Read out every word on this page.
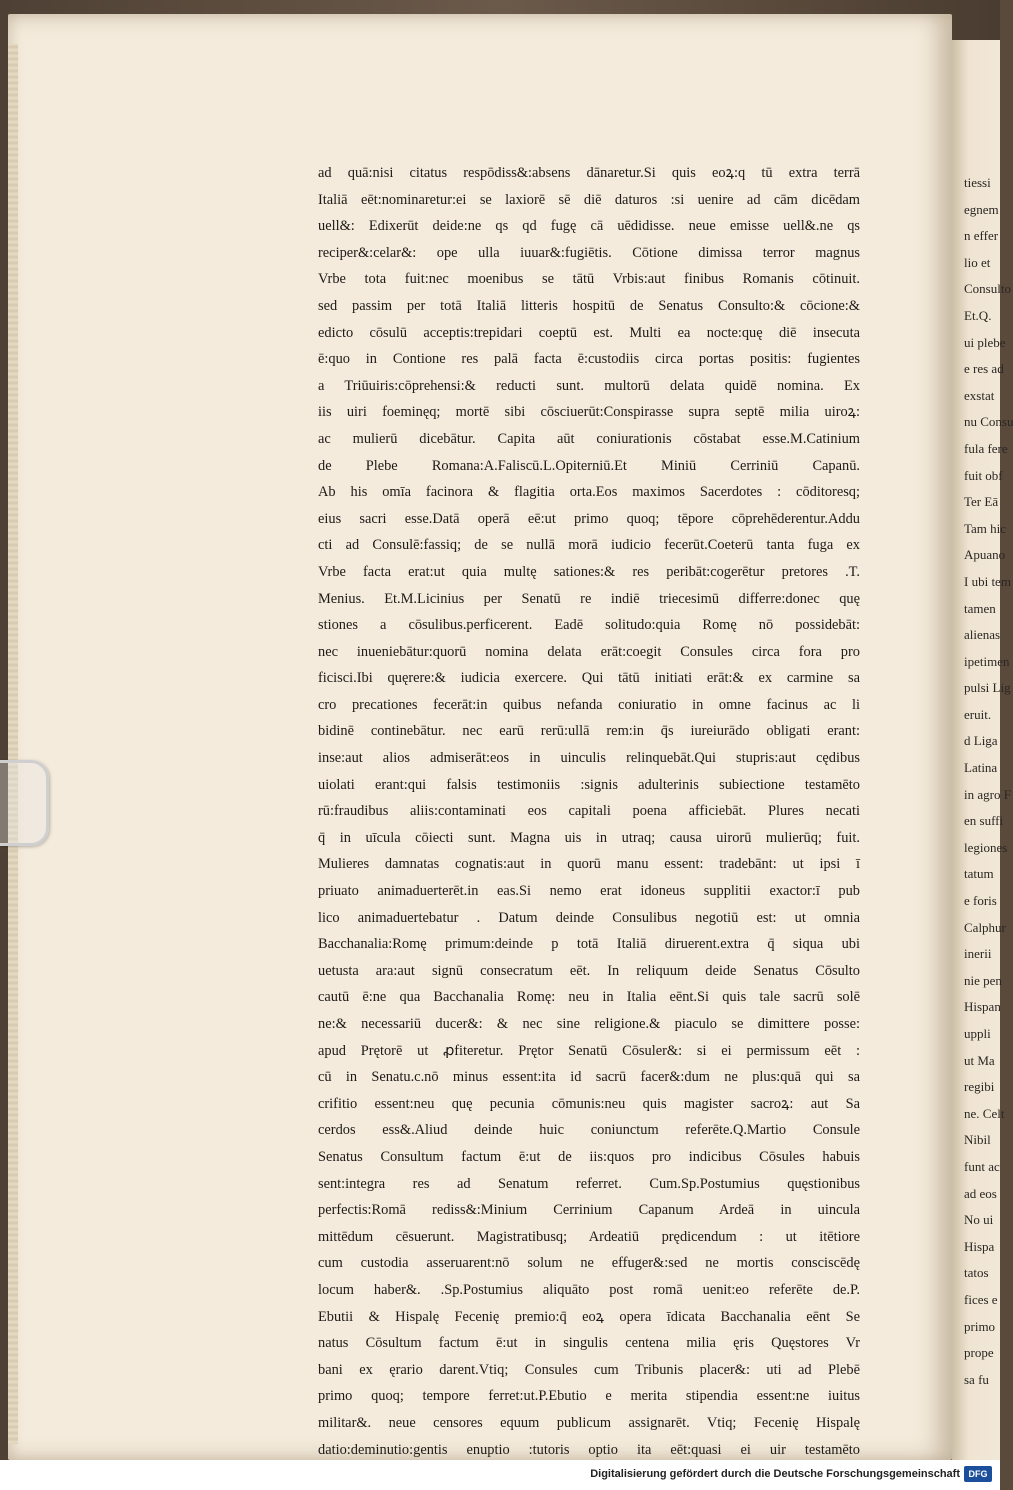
tiessi
egnem
n effer
lio et
Consulto
Et.Q.
ui plebe
e res ad
exstat
nu Consu
fula fere
fuit obf
Ter Eā
Tam hic
Apuano
I ubi tem
tamen
alienas
ipetimen
pulsi Lig
eruit.
d Liga
Latina
in agro F
en suffi
legiones
tatum
e foris
Calphur
inerii
nie pen
Hispan
uppli
ut Ma
regibi
ne. Celt
Nibil
funt ac
ad eos
No ui
Hispa
tatos
fices e
primo
prope
sa fu
ad quā:nisi citatus respōdiss&:absens dānaretur.Si quis eoꝝ:q tū extra terrā
Italiā eēt:nominaretur:ei se laxiorē sē diē daturos :si uenire ad cām dicēdam
uell&: Edixerūt deide:ne qs qd fugę cā uēdidisse. neue emisse uell&.ne qs
reciper&:celar&: ope ulla iuuar&:fugiētis. Cōtione dimissa terror magnus
Vrbe tota fuit:nec moenibus se tātū Vrbis:aut finibus Romanis cōtinuit.
sed passim per totā Italiā litteris hospitū de Senatus Consulto:& cōcione:&
edicto cōsulū acceptis:trepidari coeptū est. Multi ea nocte:quę diē insecuta
ē:quo in Contione res palā facta ē:custodiis circa portas positis: fugientes
a Triūuiris:cōprehensi:& reducti sunt. multorū delata quidē nomina. Ex
iis uiri foeminęq; mortē sibi cōsciuerūt:Conspirasse supra septē milia uiroꝝ:
ac mulierū dicebātur. Capita aūt coniurationis cōstabat esse.M.Catinium
de Plebe Romana:A.Faliscū.L.Opiterniū.Et Miniū Cerriniū Capanū.
Ab his omīa facinora & flagitia orta.Eos maximos Sacerdotes : cōditoresq;
eius sacri esse.Datā operā eē:ut primo quoq; tēpore cōprehēderentur.Addu
cti ad Consulē:fassiq; de se nullā morā iudicio fecerūt.Coeterū tanta fuga ex
Vrbe facta erat:ut quia multę sationes:& res peribāt:cogerētur pretores .T.
Menius. Et.M.Licinius per Senatū re indiē triecesimū differre:donec quę
stiones a cōsulibus.perficerent. Eadē solitudo:quia Romę nō possidebāt:
nec inueniebātur:quorū nomina delata erāt:coegit Consules circa fora pro
ficisci.Ibi quęrere:& iudicia exercere. Qui tātū initiati erāt:& ex carmine sa
cro precationes fecerāt:in quibus nefanda coniuratio in omne facinus ac li
bidinē continebātur. nec earū rerū:ullā rem:in q̄s iureiurādo obligati erant:
inse:aut alios admiserāt:eos in uinculis relinquebāt.Qui stupris:aut cędibus
uiolati erant:qui falsis testimoniis :signis adulterinis subiectione testamēto
rū:fraudibus aliis:contaminati eos capitali poena afficiebāt. Plures necati
q̄ in uīcula cōiecti sunt. Magna uis in utraq; causa uirorū mulierūq; fuit.
Mulieres damnatas cognatis:aut in quorū manu essent: tradebānt: ut ipsi ī
priuato animaduerterēt.in eas.Si nemo erat idoneus supplitii exactor:ī pub
lico animaduertebatur . Datum deinde Consulibus negotiū est: ut omnia
Bacchanalia:Romę primum:deinde p totā Italiā diruerent.extra q̄ siqua ubi
uetusta ara:aut signū consecratum eēt. In reliquum deide Senatus Cōsulto
cautū ē:ne qua Bacchanalia Romę: neu in Italia eēnt.Si quis tale sacrū solē
ne:& necessariū ducer&: & nec sine religione.& piaculo se dimittere posse:
apud Prętorē ut ꝓfiteretur. Prętor Senatū Cōsuler&: si ei permissum eēt :
cū in Senatu.c.nō minus essent:ita id sacrū facer&:dum ne plus:quā qui sa
crifitio essent:neu quę pecunia cōmunis:neu quis magister sacroꝝ: aut Sa
cerdos ess&.Aliud deinde huic coniunctum referēte.Q.Martio Consule
Senatus Consultum factum ē:ut de iis:quos pro indicibus Cōsules habuis
sent:integra res ad Senatum referret. Cum.Sp.Postumius quęstionibus
perfectis:Romā rediss&:Minium Cerrinium Capanum Ardeā in uincula
mittēdum cēsuerunt. Magistratibusq; Ardeatiū prędicendum : ut itētiore
cum custodia asseruarent:nō solum ne effuger&:sed ne mortis consciscēdę
locum haber&. .Sp.Postumius aliquāto post romā uenit:eo referēte de.P.
Ebutii & Hispalę Fecenię premio:q̄ eoꝝ opera īdicata Bacchanalia eēnt Se
natus Cōsultum factum ē:ut in singulis centena milia ęris Quęstores Vr
bani ex ęrario darent.Vtiq; Consules cum Tribunis placer&: uti ad Plebē
primo quoq; tempore ferret:ut.P.Ebutio e merita stipendia essent:ne iuitus
militar&. neue censores equum publicum assignarēt. Vtiq; Fecenię Hispalę
datio:deminutio:gentis enuptio :tutoris optio ita eēt:quasi ei uir testamēto
Digitalisierung gefördert durch die Deutsche Forschungsgemeinschaft DFG
